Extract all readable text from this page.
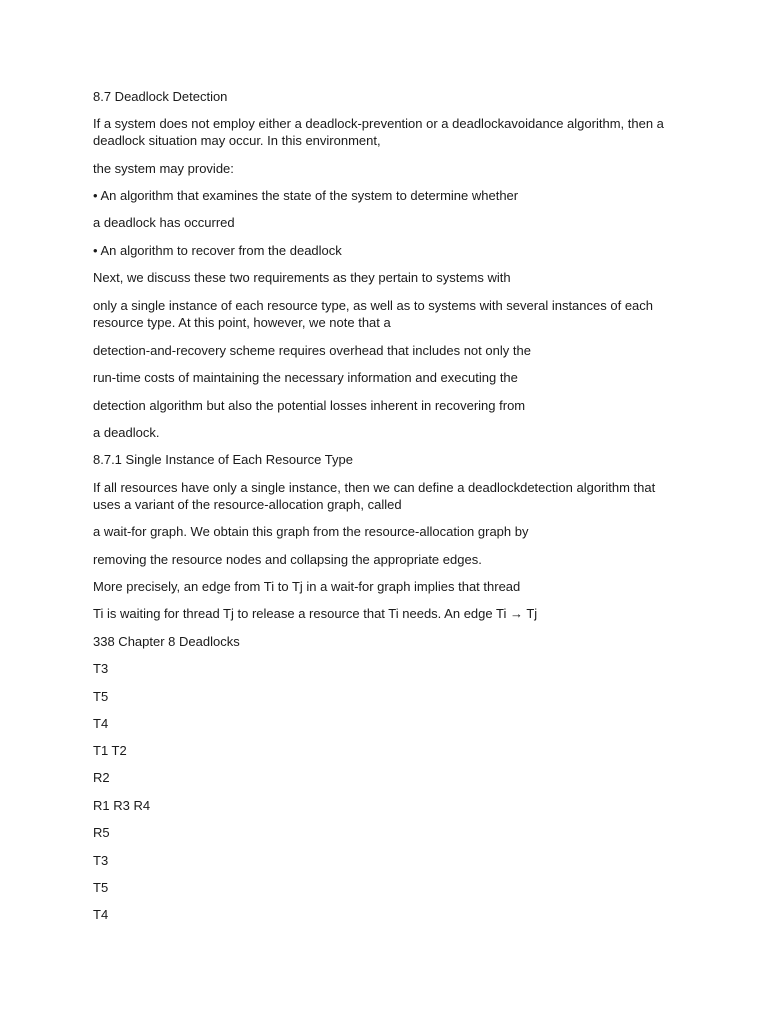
8.7 Deadlock Detection

If a system does not employ either a deadlock-prevention or a deadlockavoidance algorithm, then a deadlock situation may occur. In this environment,

the system may provide:

• An algorithm that examines the state of the system to determine whether

a deadlock has occurred

• An algorithm to recover from the deadlock

Next, we discuss these two requirements as they pertain to systems with

only a single instance of each resource type, as well as to systems with several instances of each resource type. At this point, however, we note that a

detection-and-recovery scheme requires overhead that includes not only the

run-time costs of maintaining the necessary information and executing the

detection algorithm but also the potential losses inherent in recovering from

a deadlock.

8.7.1 Single Instance of Each Resource Type

If all resources have only a single instance, then we can define a deadlockdetection algorithm that uses a variant of the resource-allocation graph, called

a wait-for graph. We obtain this graph from the resource-allocation graph by

removing the resource nodes and collapsing the appropriate edges.

More precisely, an edge from Ti to Tj in a wait-for graph implies that thread

Ti is waiting for thread Tj to release a resource that Ti needs. An edge Ti → Tj

338 Chapter 8 Deadlocks

T3

T5

T4

T1 T2

R2

R1 R3 R4

R5

T3

T5

T4
